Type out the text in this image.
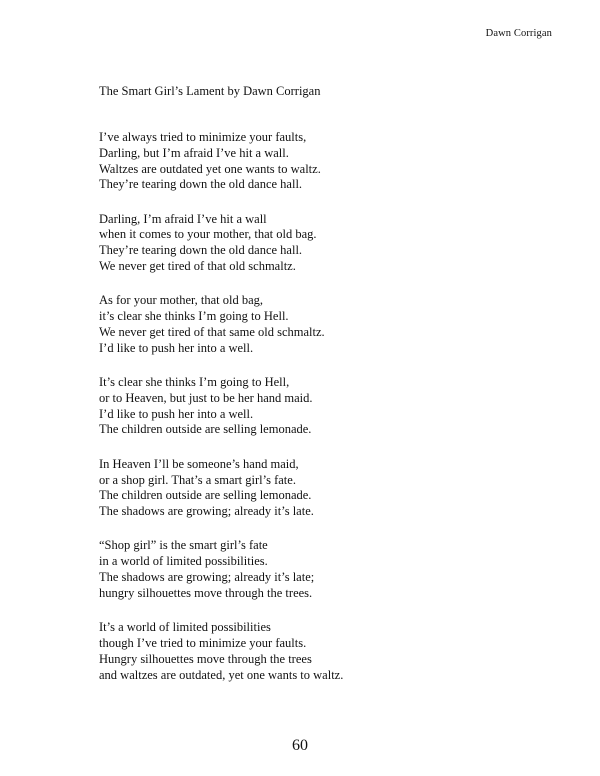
Dawn Corrigan
The Smart Girl’s Lament by Dawn Corrigan
I’ve always tried to minimize your faults,
Darling, but I’m afraid I’ve hit a wall.
Waltzes are outdated yet one wants to waltz.
They’re tearing down the old dance hall.
Darling, I’m afraid I’ve hit a wall
when it comes to your mother, that old bag.
They’re tearing down the old dance hall.
We never get tired of that old schmaltz.
As for your mother, that old bag,
it’s clear she thinks I’m going to Hell.
We never get tired of that same old schmaltz.
I’d like to push her into a well.
It’s clear she thinks I’m going to Hell,
or to Heaven, but just to be her hand maid.
I’d like to push her into a well.
The children outside are selling lemonade.
In Heaven I’ll be someone’s hand maid,
or a shop girl. That’s a smart girl’s fate.
The children outside are selling lemonade.
The shadows are growing; already it’s late.
“Shop girl” is the smart girl’s fate
in a world of limited possibilities.
The shadows are growing; already it’s late;
hungry silhouettes move through the trees.
It’s a world of limited possibilities
though I’ve tried to minimize your faults.
Hungry silhouettes move through the trees
and waltzes are outdated, yet one wants to waltz.
60
